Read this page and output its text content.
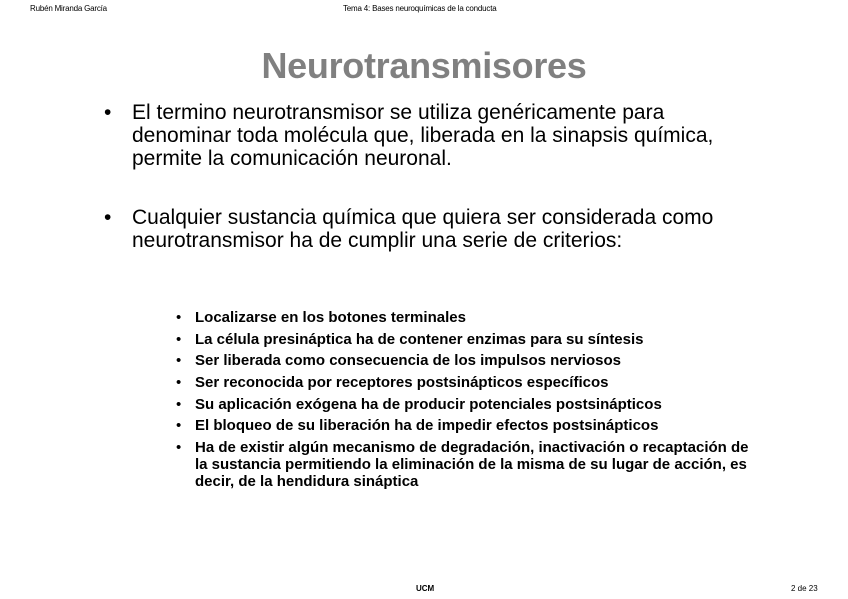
Rubén Miranda García	Tema 4: Bases neuroquímicas de la conducta
Neurotransmisores
• El termino neurotransmisor se utiliza genéricamente para denominar toda molécula que, liberada en la sinapsis química, permite la comunicación neuronal.
• Cualquier sustancia química que quiera ser considerada como neurotransmisor ha de cumplir una serie de criterios:
• Localizarse en los botones terminales
• La célula presináptica ha de contener enzimas para su síntesis
• Ser liberada como consecuencia de los impulsos nerviosos
• Ser reconocida por receptores postsinápticos específicos
• Su aplicación exógena ha de producir potenciales postsinápticos
• El bloqueo de su liberación ha de impedir efectos postsinápticos
• Ha de existir algún mecanismo de degradación, inactivación o recaptación de la sustancia permitiendo la eliminación de la misma de su lugar de acción, es decir, de la hendidura sináptica
UCM	2 de 23
